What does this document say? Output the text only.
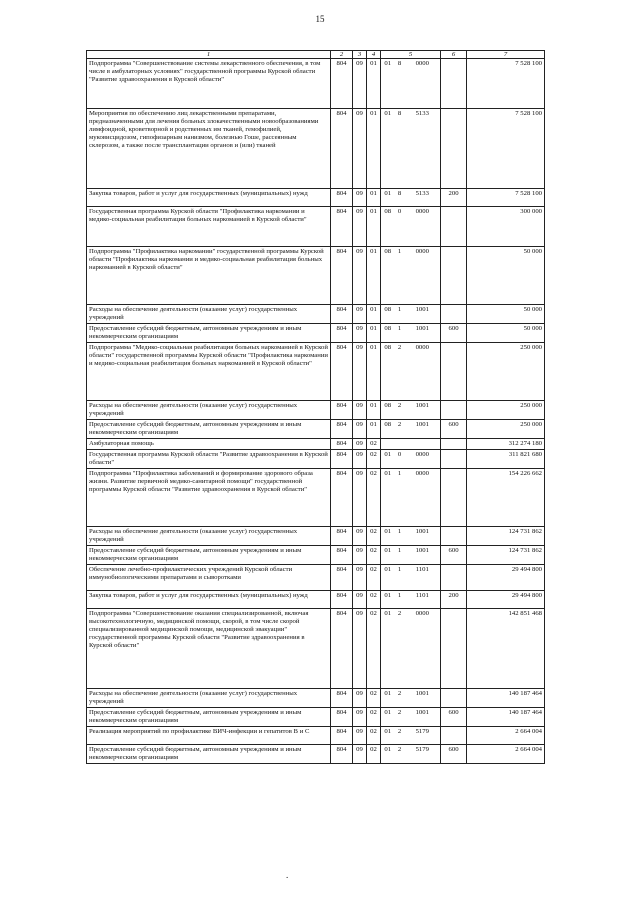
15
1	2	3	4	5			6	7
Подпрограмма "Совершенствование системы лекарственного обеспечения, в том числе в амбулаторных условиях" государственной программы Курской области "Развитие здравоохранения в Курской области"	804	09	01	01	8	0000		7 528 100
Мероприятия по обеспечению лиц лекарственными препаратами, предназначенными для лечения больных злокачественными новообразованиями лимфоидной, кроветворной и родственных им тканей, гемофилией, муковисцидозом, гипофизарным нанизмом, болезнью Гоше, рассеянным склерозом, а также после трансплантации органов и (или) тканей	804	09	01	01	8	5133		7 528 100
Закупка товаров, работ и услуг для государственных (муниципальных) нужд	804	09	01	01	8	5133	200	7 528 100
Государственная программа Курской области "Профилактика наркомании и медико-социальная реабилитация больных наркоманией в Курской области"	804	09	01	08	0	0000		300 000
Подпрограмма "Профилактика наркомании" государственной программы Курской области "Профилактика наркомании и медико-социальная реабилитация больных наркоманией в Курской области"	804	09	01	08	1	0000		50 000
Расходы на обеспечение деятельности (оказание услуг) государственных учреждений	804	09	01	08	1	1001		50 000
Предоставление субсидий бюджетным, автономным учреждениям и иным некоммерческим организациям	804	09	01	08	1	1001	600	50 000
Подпрограмма "Медико-социальная реабилитация больных наркоманией в Курской области" государственной программы Курской области "Профилактика наркомании и медико-социальная реабилитация больных наркоманией в Курской области"	804	09	01	08	2	0000		250 000
Расходы на обеспечение деятельности (оказание услуг) государственных учреждений	804	09	01	08	2	1001		250 000
Предоставление субсидий бюджетным, автономным учреждениям и иным некоммерческим организациям	804	09	01	08	2	1001	600	250 000
Амбулаторная помощь	804	09	02					312 274 180
Государственная программа Курской области "Развитие здравоохранения в Курской области"	804	09	02	01	0	0000		311 821 680
Подпрограмма "Профилактика заболеваний и формирование здорового образа жизни. Развитие первичной медико-санитарной помощи" государственной программы Курской области "Развитие здравоохранения в Курской области"	804	09	02	01	1	0000		154 226 662
Расходы на обеспечение деятельности (оказание услуг) государственных учреждений	804	09	02	01	1	1001		124 731 862
Предоставление субсидий бюджетным, автономным учреждениям и иным некоммерческим организациям	804	09	02	01	1	1001	600	124 731 862
Обеспечение лечебно-профилактических учреждений Курской области иммунобиологическими препаратами и сыворотками	804	09	02	01	1	1101		29 494 800
Закупка товаров, работ и услуг для государственных (муниципальных) нужд	804	09	02	01	1	1101	200	29 494 800
Подпрограмма "Совершенствование оказания специализированной, включая высокотехнологичную, медицинской помощи, скорой, в том числе скорой специализированной медицинской помощи, медицинской эвакуации" государственной программы Курской области "Развитие здравоохранения в Курской области"	804	09	02	01	2	0000		142 851 468
Расходы на обеспечение деятельности (оказание услуг) государственных учреждений	804	09	02	01	2	1001		140 187 464
Предоставление субсидий бюджетным, автономным учреждениям и иным некоммерческим организациям	804	09	02	01	2	1001	600	140 187 464
Реализация мероприятий по профилактике ВИЧ-инфекции и гепатитов В и С	804	09	02	01	2	5179		2 664 004
Предоставление субсидий бюджетным, автономным учреждениям и иным некоммерческим организациям	804	09	02	01	2	5179	600	2 664 004
.
